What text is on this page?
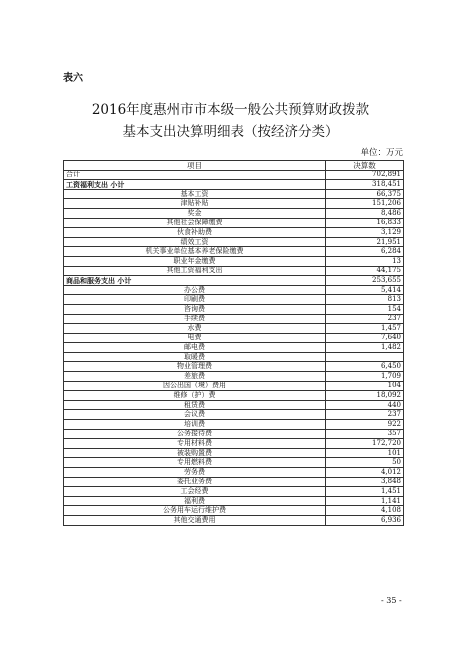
表六
2016年度惠州市市本级一般公共预算财政拨款
基本支出决算明细表（按经济分类）
单位：万元
项目	决算数
合计	702,891
工资福利支出 小计	318,451
基本工资	66,375
津贴补贴	151,206
奖金	8,486
其他社会保障缴费	16,833
伙食补助费	3,129
绩效工资	21,951
机关事业单位基本养老保险缴费	6,284
职业年金缴费	13
其他工资福利支出	44,175
商品和服务支出 小计	253,655
办公费	5,414
印刷费	813
咨询费	154
手续费	237
水费	1,457
电费	7,640
邮电费	1,482
取暖费	
物业管理费	6,450
差旅费	1,709
因公出国（境）费用	104
维修（护）费	18,092
租赁费	440
会议费	237
培训费	922
公务接待费	357
专用材料费	172,720
被装购置费	101
专用燃料费	50
劳务费	4,012
委托业务费	3,848
工会经费	1,451
福利费	1,141
公务用车运行维护费	4,108
其他交通费用	6,936
- 35 -
